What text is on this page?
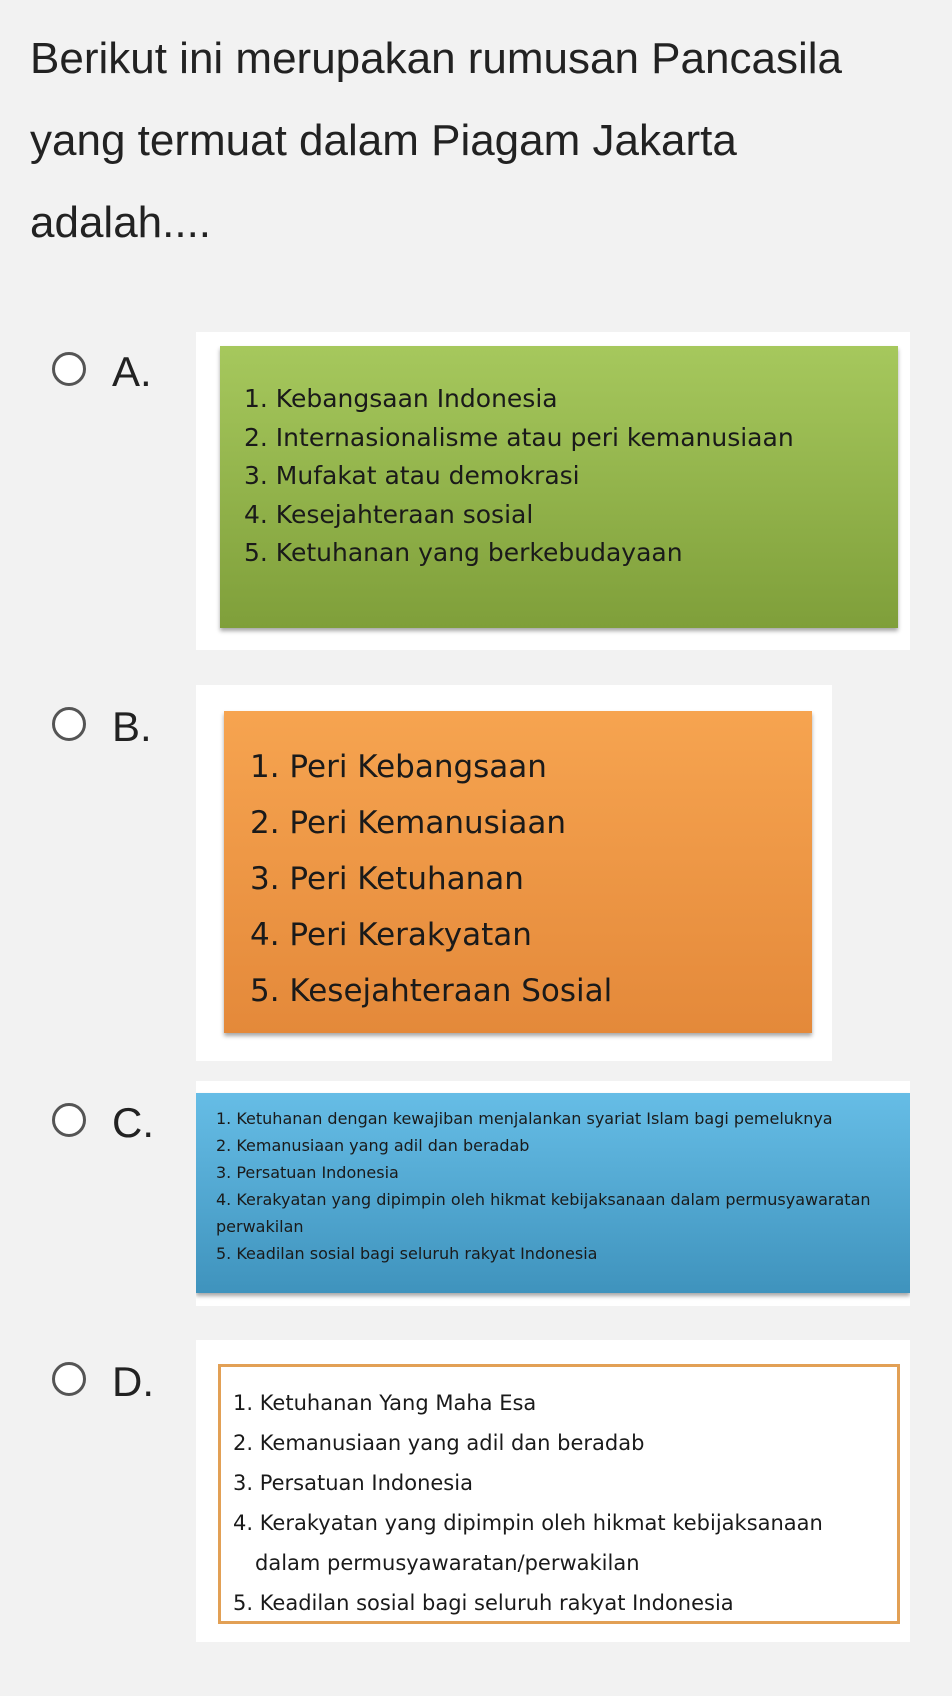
Berikut ini merupakan rumusan Pancasila yang termuat dalam Piagam Jakarta adalah....
A.
1. Kebangsaan Indonesia
2. Internasionalisme atau peri kemanusiaan
3. Mufakat atau demokrasi
4. Kesejahteraan sosial
5. Ketuhanan yang berkebudayaan
B.
1. Peri Kebangsaan
2. Peri Kemanusiaan
3. Peri Ketuhanan
4. Peri Kerakyatan
5. Kesejahteraan Sosial
C.	1. Ketuhanan dengan kewajiban menjalankan syariat Islam bagi pemeluknya
2. Kemanusiaan yang adil dan beradab
3. Persatuan Indonesia
4. Kerakyatan yang dipimpin oleh hikmat kebijaksanaan dalam permusyawaratan perwakilan
5. Keadilan sosial bagi seluruh rakyat Indonesia
D.	1. Ketuhanan Yang Maha Esa
2. Kemanusiaan yang adil dan beradab
3. Persatuan Indonesia
4. Kerakyatan yang dipimpin oleh hikmat kebijaksanaan
dalam permusyawaratan/perwakilan
5. Keadilan sosial bagi seluruh rakyat Indonesia
